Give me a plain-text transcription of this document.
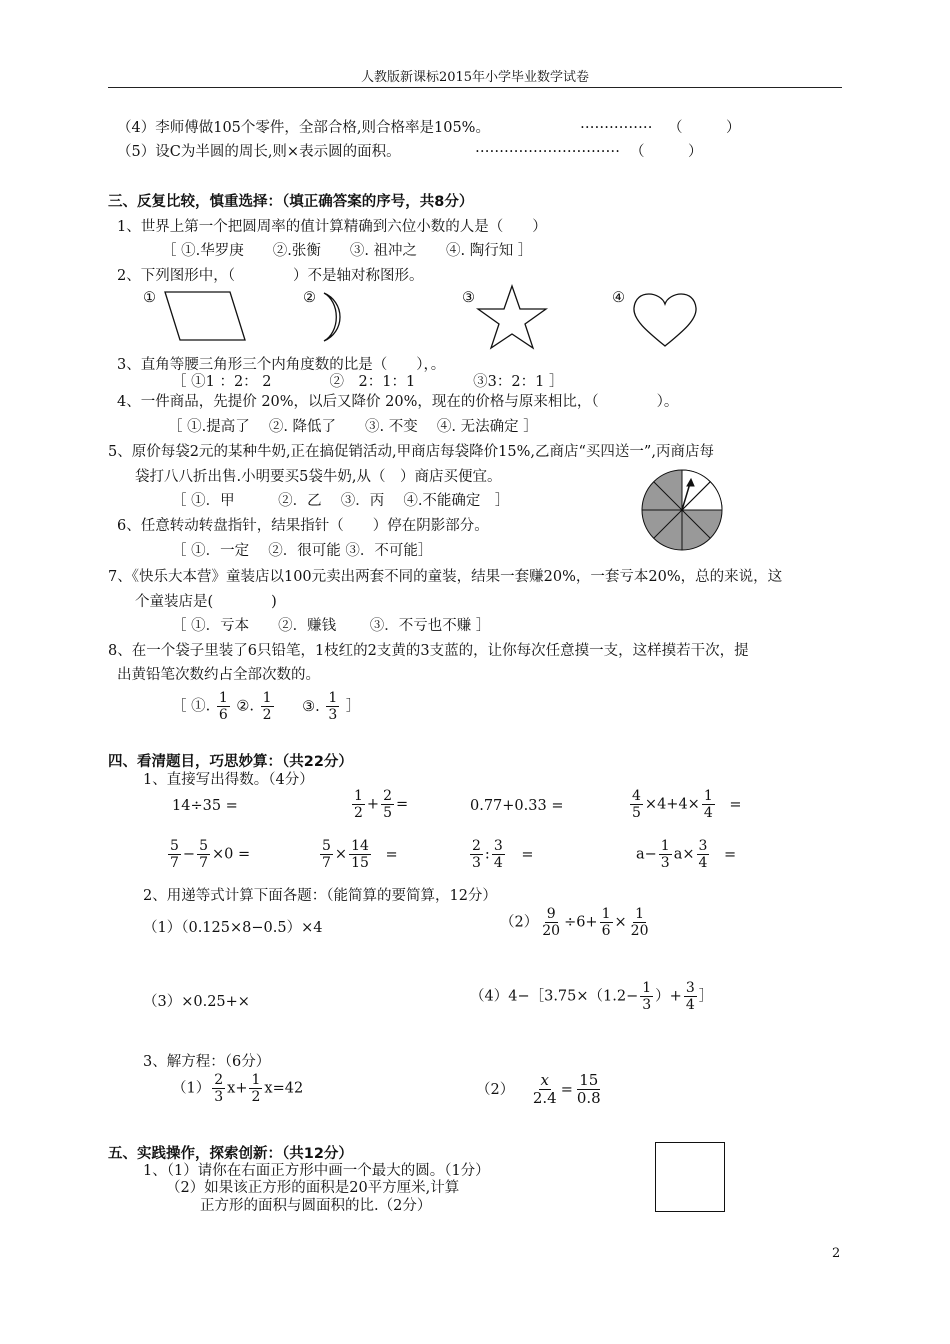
人教版新课标2015年小学毕业数学试卷
（4）李师傅做105个零件，全部合格,则合格率是105%。	…………… （　　　）
（5）设C为半圆的周长,则×表示圆的面积。	………………………… （　　　）
三、反复比较，慎重选择：（填正确答案的序号，共8分）
1、世界上第一个把圆周率的值计算精确到六位小数的人是（　　）
［ ①.华罗庚　　②.张衡　　③. 祖冲之　　④. 陶行知 ］
2、下列图形中，（　　　　）不是轴对称图形。
①	②	③	④
3、直角等腰三角形三个内角度数的比是（　　），。
［ ①1 ：2： 2　　　　②　2：1：1　　　　③3：2：1 ］
4、一件商品，先提价 20%，以后又降价 20%，现在的价格与原来相比，（　　　　）。
［ ①.提高了　 ②. 降低了　　③. 不变　 ④. 无法确定 ］
5、原价每袋2元的某种牛奶,正在搞促销活动,甲商店每袋降价15%,乙商店“买四送一”,丙商店每
袋打八八折出售.小明要买5袋牛奶,从（　）商店买便宜。
［ ①．甲　　　②．乙　 ③．丙　 ④.不能确定　］
6、任意转动转盘指针，结果指针（　　）停在阴影部分。
［ ①．一定　 ②．很可能 ③．不可能］
7、《快乐大本营》童装店以100元卖出两套不同的童装，结果一套赚20%，一套亏本20%，总的来说，这
个童装店是(　　　　)
［ ①．亏本　　②．赚钱　　 ③．不亏也不赚 ］
8、在一个袋子里装了6只铅笔，1枝红的2支黄的3支蓝的，让你每次任意摸一支，这样摸若干次，提
出黄铅笔次数约占全部次数的。
［ ①. $\frac{1}{6}$ ②. $\frac{1}{2}$ ③. $\frac{1}{3}$ ］
四、看清题目，巧思妙算：（共22分）
1、直接写出得数。（4分）
14÷35 =	$\frac{1}{2} + \frac{2}{5}$ =	0.77+0.33 =	$\frac{4}{5} \times 4+4\times \frac{1}{4}$ =
$\frac{5}{7} - \frac{5}{7} \times 0$ =	$\frac{5}{7} \times \frac{14}{15}$ =	$\frac{2}{3}$ : $\frac{3}{4}$ =	$a- \frac{1}{3} a\times \frac{3}{4}$ =
2、用递等式计算下面各题：（能简算的要简算，12分）
（1）（0.125×8−0.5）×4	$(2) \frac{9}{20} \div 6+ \frac{1}{6} \times \frac{1}{20}$
（3）×0.25+×	（4）4−［3.75×（1.2− $\frac{1}{3}$ ）+ $\frac{3}{4}$ ］
3、解方程：（6分）
$(1) \frac{2}{3} x+ \frac{1}{2} x=42$	$(2) \frac{x}{2.4} = \frac{15}{0.8}$
五、实践操作，探索创新：（共12分）
1、（1）请你在右面正方形中画一个最大的圆。（1分）
（2）如果该正方形的面积是20平方厘米,计算
正方形的面积与圆面积的比.（2分）
2
